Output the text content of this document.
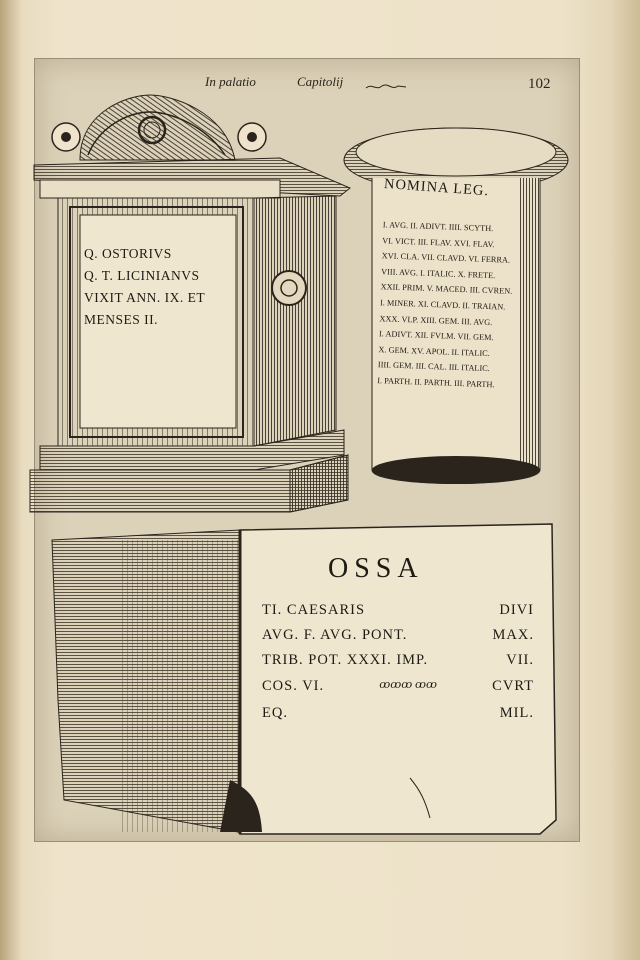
In palatio	Capitolij	102
Q. OSTORIVS
Q. T. LICINIANVS
VIXIT ANN. IX. ET
MENSES II.
NOMINA LEG.
I. AVG. II. ADIVT. IIII. SCYTH.
VI. VICT. III. FLAV. XVI. FLAV.
XVI. CLA. VII. CLAVD. VI. FERRA.
VIII. AVG. I. ITALIC. X. FRETE.
XXII. PRIM. V. MACED. III. CVREN.
I. MINER. XI. CLAVD. II. TRAIAN.
XXX. VLP. XIII. GEM. III. AVG.
I. ADIVT. XII. FVLM. VII. GEM.
X. GEM. XV. APOL. II. ITALIC.
IIII. GEM. III. CAL. III. ITALIC.
I. PARTH. II. PARTH. III. PARTH.
OSSA
TI. CAESARIS	DIVI
AVG. F. AVG. PONT.	MAX.
TRIB. POT. XXXI. IMP.	VII.
COS. VI.	ꝏꝏꝏ ꝏꝏ	CVRT
EQ.	MIL.
